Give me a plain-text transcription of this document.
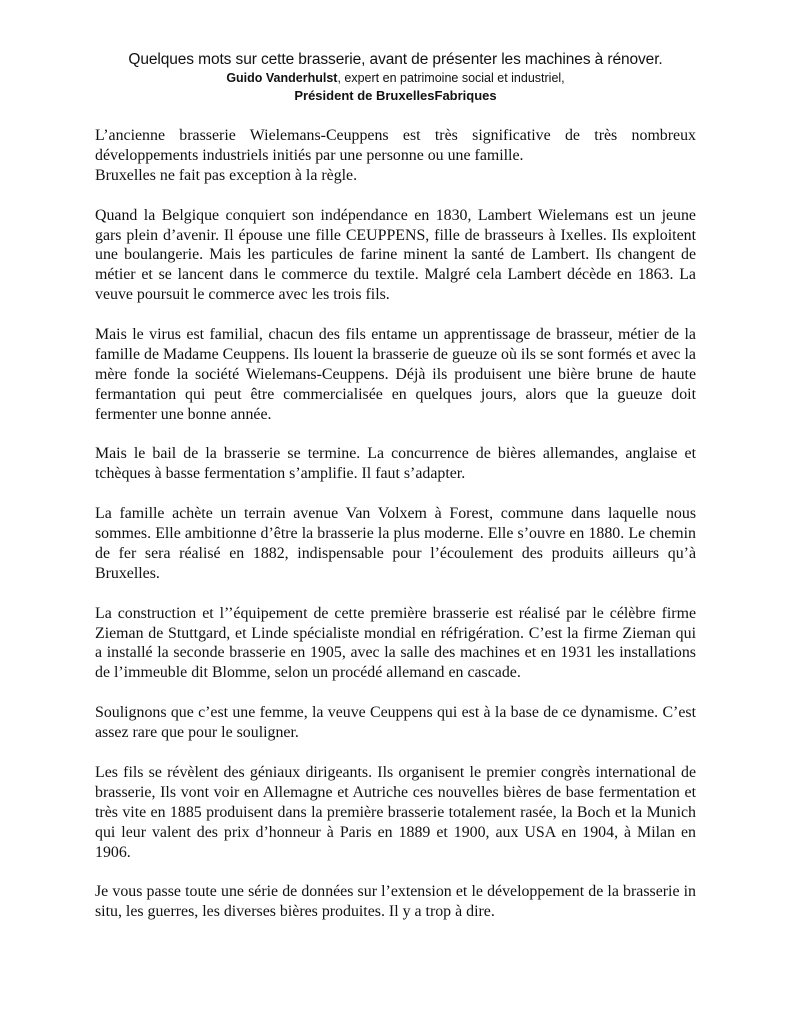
Quelques mots sur cette brasserie, avant de présenter les machines à rénover.

Guido Vanderhulst, expert en patrimoine social et industriel,

Président de BruxellesFabriques

L’ancienne brasserie Wielemans-Ceuppens est très significative de très nombreux
développements industriels initiés par une personne ou une famille.
Bruxelles ne fait pas exception à la règle.

Quand la Belgique conquiert son indépendance en 1830, Lambert Wielemans est un jeune gars plein d’avenir. Il épouse une fille CEUPPENS, fille de brasseurs à Ixelles. Ils exploitent une boulangerie. Mais les particules de farine minent la santé de Lambert. Ils changent de métier et se lancent dans le commerce du textile. Malgré cela Lambert décède en 1863. La veuve poursuit le commerce avec les trois fils.

Mais le virus est familial, chacun des fils entame un apprentissage de brasseur, métier de la famille de Madame Ceuppens. Ils louent la brasserie de gueuze où ils se sont formés et avec la mère fonde la société Wielemans-Ceuppens. Déjà ils produisent une bière brune de haute fermantation qui peut être commercialisée en quelques jours, alors que la gueuze doit fermenter une bonne année.

Mais le bail de la brasserie se termine. La concurrence de bières allemandes, anglaise et tchèques à basse fermentation s’amplifie. Il faut s’adapter.

La famille achète un terrain avenue Van Volxem à Forest, commune dans laquelle nous sommes. Elle ambitionne d’être la brasserie la plus moderne. Elle s’ouvre en 1880. Le chemin de fer sera réalisé en 1882, indispensable pour l’écoulement des produits ailleurs qu’à Bruxelles.

La construction et l’’équipement de cette première brasserie est réalisé par le célèbre firme Zieman de Stuttgard, et Linde spécialiste mondial en réfrigération. C’est la firme Zieman qui a installé la seconde brasserie en 1905, avec la salle des machines et en 1931 les installations de l’immeuble dit Blomme, selon un procédé allemand en cascade.

Soulignons que c’est une femme, la veuve Ceuppens qui est à la base de ce dynamisme. C’est assez rare que pour le souligner.

Les fils se révèlent des géniaux dirigeants. Ils organisent le premier congrès international de brasserie, Ils vont voir en Allemagne et Autriche ces nouvelles bières de base fermentation et très vite en 1885 produisent dans la première brasserie totalement rasée, la Boch et la Munich qui leur valent des prix d’honneur à Paris en 1889 et 1900, aux USA en 1904, à Milan en 1906.

Je vous passe toute une série de données sur l’extension et le développement de la brasserie in situ, les guerres, les diverses bières produites. Il y a trop à dire.
